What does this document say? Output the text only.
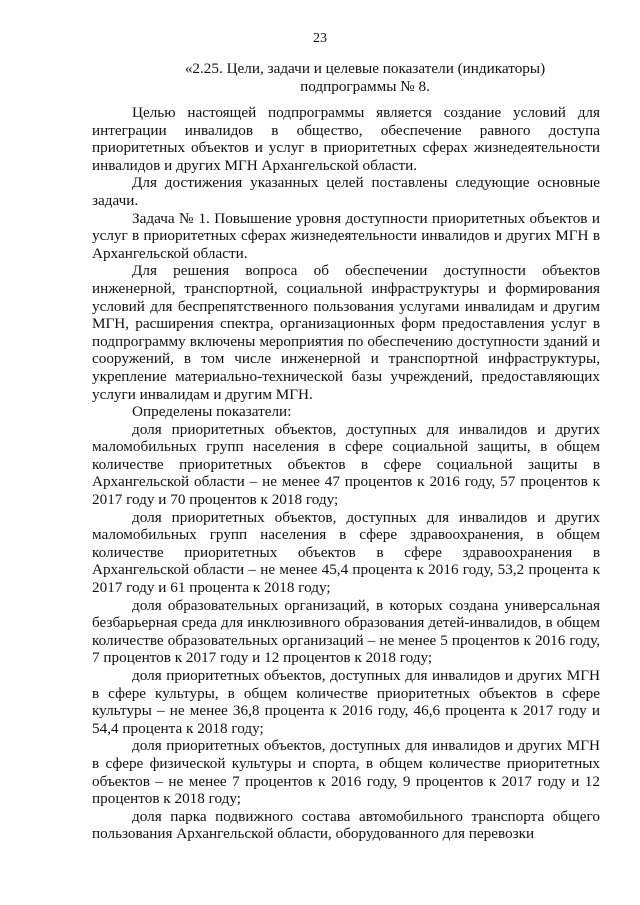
23
«2.25. Цели, задачи и целевые показатели (индикаторы)
подпрограммы № 8.

Целью настоящей подпрограммы является создание условий для интеграции инвалидов в общество, обеспечение равного доступа приоритетных объектов и услуг в приоритетных сферах жизнедеятельности инвалидов и других МГН Архангельской области.

Для достижения указанных целей поставлены следующие основные задачи.

Задача № 1. Повышение уровня доступности приоритетных объектов и услуг в приоритетных сферах жизнедеятельности инвалидов и других МГН в Архангельской области.

Для решения вопроса об обеспечении доступности объектов инженерной, транспортной, социальной инфраструктуры и формирования условий для беспрепятственного пользования услугами инвалидам и другим МГН, расширения спектра, организационных форм предоставления услуг в подпрограмму включены мероприятия по обеспечению доступности зданий и сооружений, в том числе инженерной и транспортной инфраструктуры, укрепление материально-технической базы учреждений, предоставляющих услуги инвалидам и другим МГН.

Определены показатели:

доля приоритетных объектов, доступных для инвалидов и других маломобильных групп населения в сфере социальной защиты, в общем количестве приоритетных объектов в сфере социальной защиты в Архангельской области – не менее 47 процентов к 2016 году, 57 процентов к 2017 году и 70 процентов к 2018 году;

доля приоритетных объектов, доступных для инвалидов и других маломобильных групп населения в сфере здравоохранения, в общем количестве приоритетных объектов в сфере здравоохранения в Архангельской области – не менее 45,4 процента к 2016 году, 53,2 процента к 2017 году и 61 процента к 2018 году;

доля образовательных организаций, в которых создана универсальная безбарьерная среда для инклюзивного образования детей-инвалидов, в общем количестве образовательных организаций – не менее 5 процентов к 2016 году, 7 процентов к 2017 году и 12 процентов к 2018 году;

доля приоритетных объектов, доступных для инвалидов и других МГН в сфере культуры, в общем количестве приоритетных объектов в сфере культуры – не менее 36,8 процента к 2016 году, 46,6 процента к 2017 году и 54,4 процента к 2018 году;

доля приоритетных объектов, доступных для инвалидов и других МГН в сфере физической культуры и спорта, в общем количестве приоритетных объектов – не менее 7 процентов к 2016 году, 9 процентов к 2017 году и 12 процентов к 2018 году;

доля парка подвижного состава автомобильного транспорта общего пользования Архангельской области, оборудованного для перевозки
